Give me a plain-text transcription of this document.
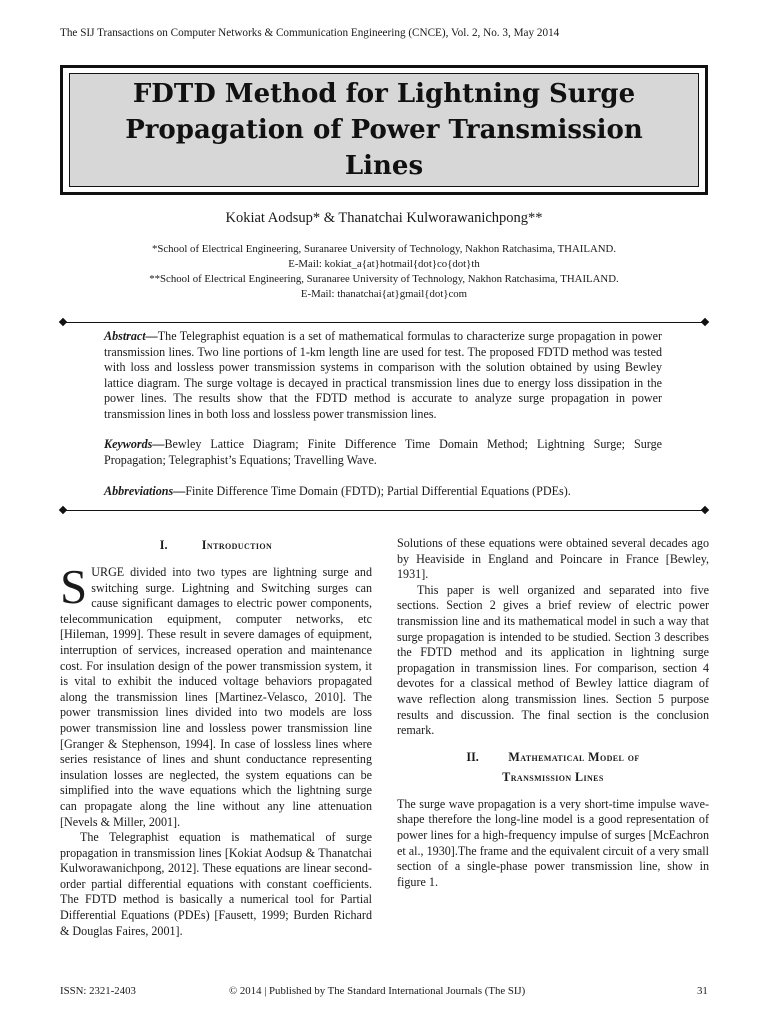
The SIJ Transactions on Computer Networks & Communication Engineering (CNCE), Vol. 2, No. 3, May 2014
FDTD Method for Lightning Surge
Propagation of Power Transmission
Lines
Kokiat Aodsup* & Thanatchai Kulworawanichpong**
*School of Electrical Engineering, Suranaree University of Technology, Nakhon Ratchasima, THAILAND.
E-Mail: kokiat_a{at}hotmail{dot}co{dot}th
**School of Electrical Engineering, Suranaree University of Technology, Nakhon Ratchasima, THAILAND.
E-Mail: thanatchai{at}gmail{dot}com
Abstract—The Telegraphist equation is a set of mathematical formulas to characterize surge propagation in power transmission lines. Two line portions of 1-km length line are used for test. The proposed FDTD method was tested with loss and lossless power transmission systems in comparison with the solution obtained by using Bewley lattice diagram. The surge voltage is decayed in practical transmission lines due to energy loss dissipation in the power lines. The results show that the FDTD method is accurate to analyze surge propagation in power transmission lines in both loss and lossless power transmission lines.
Keywords—Bewley Lattice Diagram; Finite Difference Time Domain Method; Lightning Surge; Surge Propagation; Telegraphist’s Equations; Travelling Wave.
Abbreviations—Finite Difference Time Domain (FDTD); Partial Differential Equations (PDEs).
I.	Introduction

SURGE divided into two types are lightning surge and switching surge. Lightning and Switching surges can cause significant damages to electric power components, telecommunication equipment, computer networks, etc [Hileman, 1999]. These result in severe damages of equipment, interruption of services, increased operation and maintenance cost. For insulation design of the power transmission system, it is vital to exhibit the induced voltage behaviors propagated along the transmission lines [Martinez-Velasco, 2010]. The power transmission lines divided into two models are loss power transmission line and lossless power transmission line [Granger & Stephenson, 1994]. In case of lossless lines where series resistance of lines and shunt conductance representing insulation losses are neglected, the system equations can be simplified into the wave equations which the lightning surge can propagate along the line without any line attenuation [Nevels & Miller, 2001].

The Telegraphist equation is mathematical of surge propagation in transmission lines [Kokiat Aodsup & Thanatchai Kulworawanichpong, 2012]. These equations are linear second-order partial differential equations with constant coefficients. The FDTD method is basically a numerical tool for Partial Differential Equations (PDEs) [Fausett, 1999; Burden Richard & Douglas Faires, 2001].

Solutions of these equations were obtained several decades ago by Heaviside in England and Poincare in France [Bewley, 1931].

This paper is well organized and separated into five sections. Section 2 gives a brief review of electric power transmission line and its mathematical model in such a way that surge propagation is intended to be studied. Section 3 describes the FDTD method and its application in lightning surge propagation in transmission lines. For comparison, section 4 devotes for a classical method of Bewley lattice diagram of wave reflection along transmission lines. Section 5 purpose results and discussion. The final section is the conclusion remark.

II. Mathematical Model of
Transmission Lines

The surge wave propagation is a very short-time impulse wave-shape therefore the long-line model is a good representation of power lines for a high-frequency impulse of surges [McEachron et al., 1930].The frame and the equivalent circuit of a very small section of a single-phase power transmission line, show in figure 1.

ISSN: 2321-2403	© 2014 | Published by The Standard International Journals (The SIJ)	31
